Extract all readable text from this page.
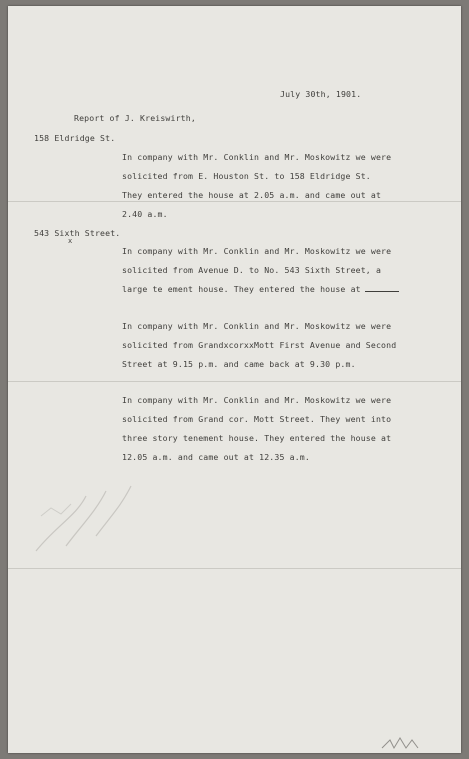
July 30th, 1901.
Report of J. Kreiswirth,
158 Eldridge St.
In company with Mr. Conklin and Mr. Moskowitz we were
solicited from E. Houston St. to 158 Eldridge St.
They entered the house at 2.05 a.m. and came out at
2.40 a.m.
543 Sixth Street.
x
In company with Mr. Conklin and Mr. Moskowitz we were
solicited from Avenue D. to No. 543 Sixth Street, a
large te ement house. They entered the house at
In company with Mr. Conklin and Mr. Moskowitz we were
solicited from GrandxcorxxMott First Avenue and Second
Street at 9.15 p.m. and came back at 9.30 p.m.
In company with Mr. Conklin and Mr. Moskowitz we were
solicited from Grand cor. Mott Street. They went into
three story tenement house. They entered the house at
12.05 a.m. and came out at 12.35 a.m.
